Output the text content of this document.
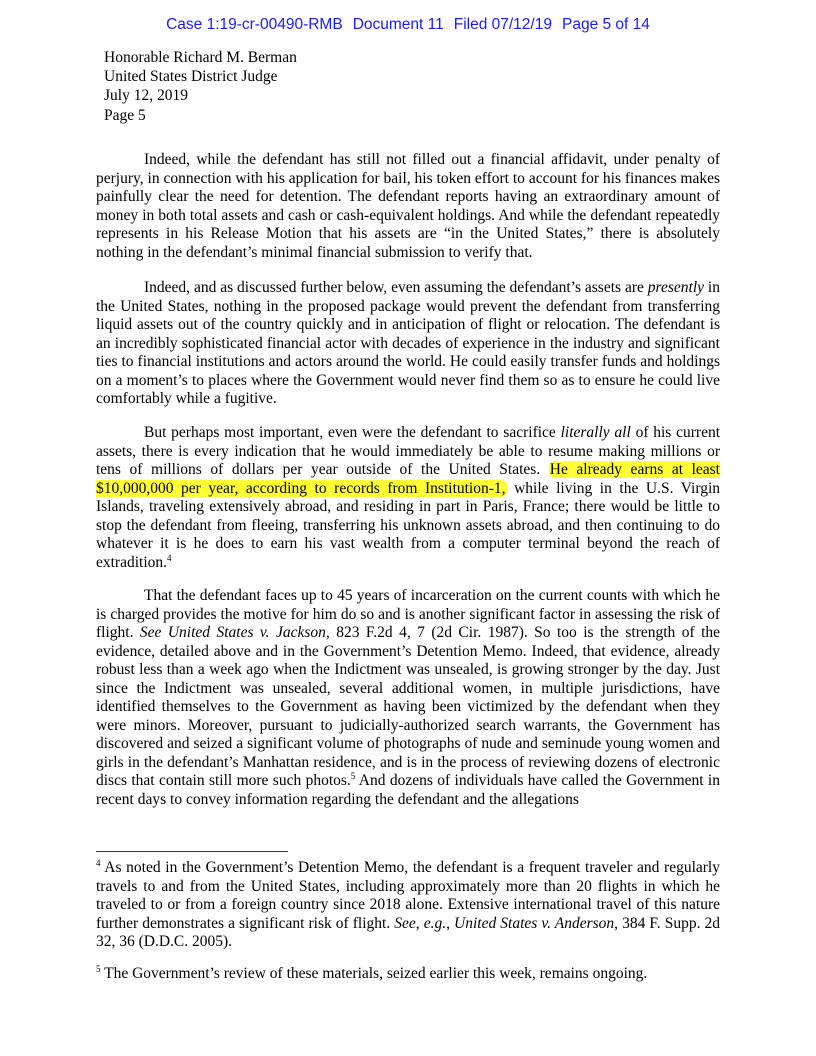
Case 1:19-cr-00490-RMB Document 11 Filed 07/12/19 Page 5 of 14
Honorable Richard M. Berman
United States District Judge
July 12, 2019
Page 5

Indeed, while the defendant has still not filled out a financial affidavit, under penalty of perjury, in connection with his application for bail, his token effort to account for his finances makes painfully clear the need for detention. The defendant reports having an extraordinary amount of money in both total assets and cash or cash-equivalent holdings. And while the defendant repeatedly represents in his Release Motion that his assets are “in the United States,” there is absolutely nothing in the defendant’s minimal financial submission to verify that.

Indeed, and as discussed further below, even assuming the defendant’s assets are presently in the United States, nothing in the proposed package would prevent the defendant from transferring liquid assets out of the country quickly and in anticipation of flight or relocation. The defendant is an incredibly sophisticated financial actor with decades of experience in the industry and significant ties to financial institutions and actors around the world. He could easily transfer funds and holdings on a moment’s to places where the Government would never find them so as to ensure he could live comfortably while a fugitive.

But perhaps most important, even were the defendant to sacrifice literally all of his current assets, there is every indication that he would immediately be able to resume making millions or tens of millions of dollars per year outside of the United States. He already earns at least $10,000,000 per year, according to records from Institution-1, while living in the U.S. Virgin Islands, traveling extensively abroad, and residing in part in Paris, France; there would be little to stop the defendant from fleeing, transferring his unknown assets abroad, and then continuing to do whatever it is he does to earn his vast wealth from a computer terminal beyond the reach of extradition.$^4$

That the defendant faces up to 45 years of incarceration on the current counts with which he is charged provides the motive for him do so and is another significant factor in assessing the risk of flight. See United States v. Jackson, 823 F.2d 4, 7 (2d Cir. 1987). So too is the strength of the evidence, detailed above and in the Government’s Detention Memo. Indeed, that evidence, already robust less than a week ago when the Indictment was unsealed, is growing stronger by the day. Just since the Indictment was unsealed, several additional women, in multiple jurisdictions, have identified themselves to the Government as having been victimized by the defendant when they were minors. Moreover, pursuant to judicially-authorized search warrants, the Government has discovered and seized a significant volume of photographs of nude and seminude young women and girls in the defendant’s Manhattan residence, and is in the process of reviewing dozens of electronic discs that contain still more such photos.$^5$ And dozens of individuals have called the Government in recent days to convey information regarding the defendant and the allegations

$^4$ As noted in the Government’s Detention Memo, the defendant is a frequent traveler and regularly travels to and from the United States, including approximately more than 20 flights in which he traveled to or from a foreign country since 2018 alone. Extensive international travel of this nature further demonstrates a significant risk of flight. See, e.g., United States v. Anderson, 384 F. Supp. 2d 32, 36 (D.D.C. 2005).

$^5$ The Government’s review of these materials, seized earlier this week, remains ongoing.
